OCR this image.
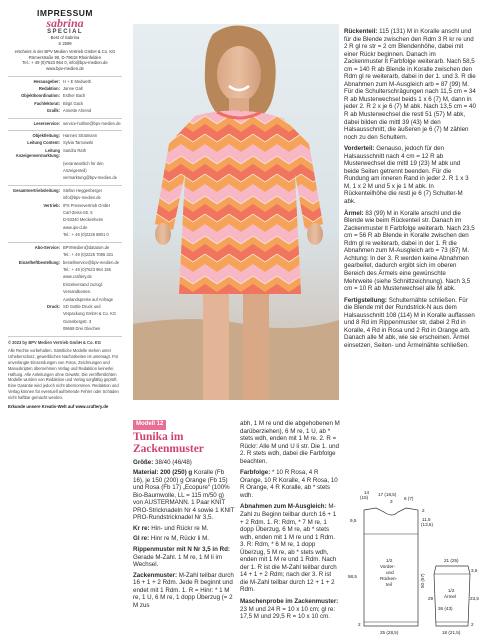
IMPRESSUM
sabrina
SPECIAL
Best of Sabrina
S 2599
erscheint in der BPV Medien Vertrieb GmbH & Co. KG
Römerstraße 90, D-79618 Rheinfelden
Tel.: + 49 (0)7623 964 0, info@bpv-medien.de
www.bpv-medien.de
Herausgeber: H + E Medweth
Redaktion: Janne Gall
Objektkoordination: Esther Bach
Fachlektorat: Birgit Gack
Grafik: Annette Ahrend
Leserservice: service-hotline@bpv-medien.de
Objektleitung: Hannes Stratmann
Leitung Content: Sylvia Tarnowski
Leitung Anzeigenvermarktung:
Sandra Rath
(verantwortlich für den
Anzeigenteil)
vermarktung@bpv-medien.de
Gesamtvertriebsleitung: Stefan Heggenberger
info@bpv-medien.de
Vertrieb: IPS Pressevertrieb GmbH
Carl-Zeiss-Str. 5
D-53340 Meckenheim
www.ips-d.de
Tel.: + 49 (0)2225 8801 0
Abo-Service: BPVMedien@datatom.de
Tel.: + 49 (0)2225 7085 321
Einzelheftbestellung: bestellservice@bpv-medien.de
Tel.: + 49 (0)7623 964 155
www.craftery.de
Einzelversand zuzügl.
Versandkosten.
Auslandspreise auf Anfrage
Druck: SD Gottle Druck und
Verpackung GmbH & Co. KG
Gutenbergstr. 3
09669 Drei Gleichen
© 2023 by BPV Medien Vertrieb GmbH & Co. KG
Alle Rechte vorbehalten. Sämtliche Modelle stehen unter Urheberschutz, gewerbliches Nacharbeiten ist untersagt. Für unverlangte Einsendungen von Fotos, Zeichnungen und Manuskripten übernehmen Verlag und Redaktion keinerlei Haftung. Alle Anleitungen ohne Gewähr. Die veröffentlichten Modelle wurden von Redaktion und Verlag sorgfältig geprüft. Eine Garantie wird jedoch nicht übernommen. Redaktion und Verlag können für eventuell auftretende Fehler oder Schäden nicht haftbar gemacht werden.
Erkunde unsere Kreativ-Welt auf www.craftery.de
Modell 12
Tunika im Zackenmuster

Größe: 38/40 (46/48)

Material: 200 (250) g Koralle (Fb 16), je 150 (200) g Orange (Fb 15) und Rosa (Fb 17) „Ecopure“ (100% Bio-Baumwolle, LL = 115 m/50 g) von AUSTERMANN. 1 Paar KNIT PRO-Stricknadeln Nr 4 sowie 1 KNIT PRO-Rundstricknadel Nr 3,5.

Kr re: Hin- und Rückr re M.

Gl re: Hinr re M, Rückr li M.

Rippenmuster mit N Nr 3,5 in Rd: Gerade M-Zahl. 1 M re, 1 M li im Wechsel.

Zackenmuster: M-Zahl teilbar durch 16 + 1 + 2 Rdm. Jede R beginnt und endet mit 1 Rdm. 1. R = Hinr: * 1 M re, 1 U, 6 M re, 1 dopp Überzug (= 2 M zus

abh, 1 M re und die abgehobenen M darüberziehen), 6 M re, 1 U, ab * stets wdh, enden mit 1 M re. 2. R = Rückr: Alle M und U li str. Die 1. und 2. R stets wdh, dabei die Farbfolge beachten.

Farbfolge: * 10 R Rosa, 4 R Orange, 10 R Koralle, 4 R Rosa, 10 R Orange, 4 R Koralle, ab * stets wdh.

Abnahmen zum M-Ausgleich: M-Zahl zu Beginn teilbar durch 16 + 1 + 2 Rdm. 1. R: Rdm, * 7 M re, 1 dopp Überzug, 6 M re, ab * stets wdh, enden mit 1 M re und 1 Rdm. 3. R: Rdm, * 6 M re, 1 dopp Überzug, 5 M re, ab * stets wdh, enden mit 1 M re und 1 Rdm. Nach der 1. R ist die M-Zahl teilbar durch 14 + 1 + 2 Rdm; nach der 3. R ist die M-Zahl teilbar durch 12 + 1 + 2 Rdm.

Maschenprobe im Zackenmuster: 23 M und 24 R = 10 x 10 cm; gl re: 17,5 M und 29,5 R = 10 x 10 cm.

Rückenteil: 115 (131) M in Koralle anschl und für die Blende zwischen den Rdm 3 R kr re und 2 R gl re str = 2 cm Blendenhöhe, dabei mit einer Rückr beginnen. Danach im Zackenmuster lt Farbfolge weiterarb. Nach 58,5 cm = 140 R ab Blende in Koralle zwischen den Rdm gl re weiterarb, dabei in der 1. und 3. R die Abnahmen zum M-Ausgleich arb = 87 (99) M. Für die Schulterschrägungen nach 11,5 cm = 34 R ab Musterwechsel beids 1 x 6 (7) M, dann in jeder 2. R 2 x je 6 (7) M abk. Nach 13,5 cm = 40 R ab Musterwechsel die restl 51 (57) M abk, dabei bilden die mittl 39 (43) M den Halsausschnitt, die äußeren je 6 (7) M zählen noch zu den Schultern.

Vorderteil: Genauso, jedoch für den Halsausschnitt nach 4 cm = 12 R ab Musterwechsel die mittl 19 (23) M abk und beide Seiten getrennt beenden. Für die Rundung am inneren Rand in jeder 2. R 1 x 3 M, 1 x 2 M und 5 x je 1 M abk. In Rückenteilhöhe die restl je 6 (7) Schulter-M abk.

Ärmel: 83 (99) M in Koralle anschl und die Blende wie beim Rückenteil str. Danach im Zackenmuster lt Farbfolge weiterarb. Nach 23,5 cm = 56 R ab Blende in Koralle zwischen den Rdm gl re weiterarb, dabei in der 1. R die Abnahmen zum M-Ausgleich arb = 73 (87) M. Achtung: In der 3. R werden keine Abnahmen gearbeitet, dadurch ergibt sich im oberen Bereich des Ärmels eine gewünschte Mehrweite (siehe Schnittzeichnung). Nach 3,5 cm = 10 R ab Musterwechsel alle M abk.

Fertigstellung: Schulternähte schließen. Für die Blende mit der Rundstrick-N aus dem Halsausschnitt 108 (114) M in Koralle auffassen und 8 Rd im Rippenmuster str, dabei 2 Rd in Koralle, 4 Rd in Rosa und 2 Rd in Orange arb. Danach alle M abk, wie sie erscheinen. Ärmel einsetzen, Seiten- und Ärmelnähte schließen.

14
(15)
17 (18,5)
3
6 (7)
2
11,5
(13,5)
9,5
58,5
1/2
Vorder-
und
Rücken-
teil	50 (57)
25 (28,5)
2
21 (25)
3,5
1/2
Ärmel	23,5
29
18 (21,5)
36 (43)
2
